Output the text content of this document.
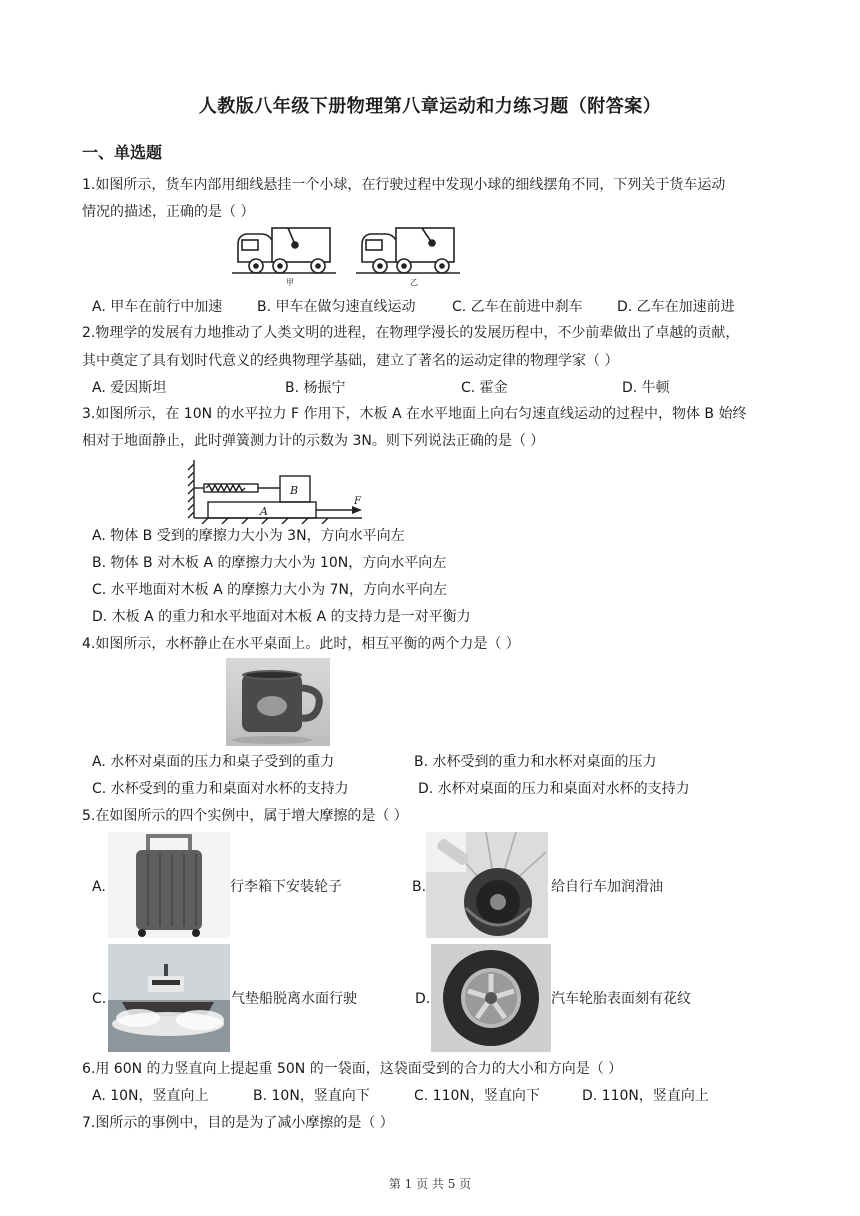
人教版八年级下册物理第八章运动和力练习题（附答案）
一、单选题
1.如图所示，货车内部用细线悬挂一个小球，在行驶过程中发现小球的细线摆角不同，下列关于货车运动
情况的描述，正确的是（ ）
甲	乙
A. 甲车在前行中加速 B. 甲车在做匀速直线运动	C. 乙车在前进中刹车 D. 乙车在加速前进
2.物理学的发展有力地推动了人类文明的进程，在物理学漫长的发展历程中，不少前辈做出了卓越的贡献，
其中奠定了具有划时代意义的经典物理学基础，建立了著名的运动定律的物理学家（ ）
A. 爱因斯坦	B. 杨振宁	C. 霍金	D. 牛顿
3.如图所示，在 10N 的水平拉力 F 作用下，木板 A 在水平地面上向右匀速直线运动的过程中，物体 B 始终
相对于地面静止，此时弹簧测力计的示数为 3N。则下列说法正确的是（ ）
B
A
F
A. 物体 B 受到的摩擦力大小为 3N，方向水平向左
B. 物体 B 对木板 A 的摩擦力大小为 10N，方向水平向左
C. 水平地面对木板 A 的摩擦力大小为 7N，方向水平向左
D. 木板 A 的重力和水平地面对木板 A 的支持力是一对平衡力
4.如图所示，水杯静止在水平桌面上。此时，相互平衡的两个力是（ ）
A. 水杯对桌面的压力和桌子受到的重力	B. 水杯受到的重力和水杯对桌面的压力
C. 水杯受到的重力和桌面对水杯的支持力	D. 水杯对桌面的压力和桌面对水杯的支持力
5.在如图所示的四个实例中，属于增大摩擦的是（ ）
A.	行李箱下安装轮子	B.	给自行车加润滑油
C.	气垫船脱离水面行驶	D.	汽车轮胎表面刻有花纹
6.用 60N 的力竖直向上提起重 50N 的一袋面，这袋面受到的合力的大小和方向是（ ）
A. 10N，竖直向上	B. 10N，竖直向下	C. 110N，竖直向下	D. 110N，竖直向上
7.图所示的事例中，目的是为了减小摩擦的是（ ）
第 1 页 共 5 页
